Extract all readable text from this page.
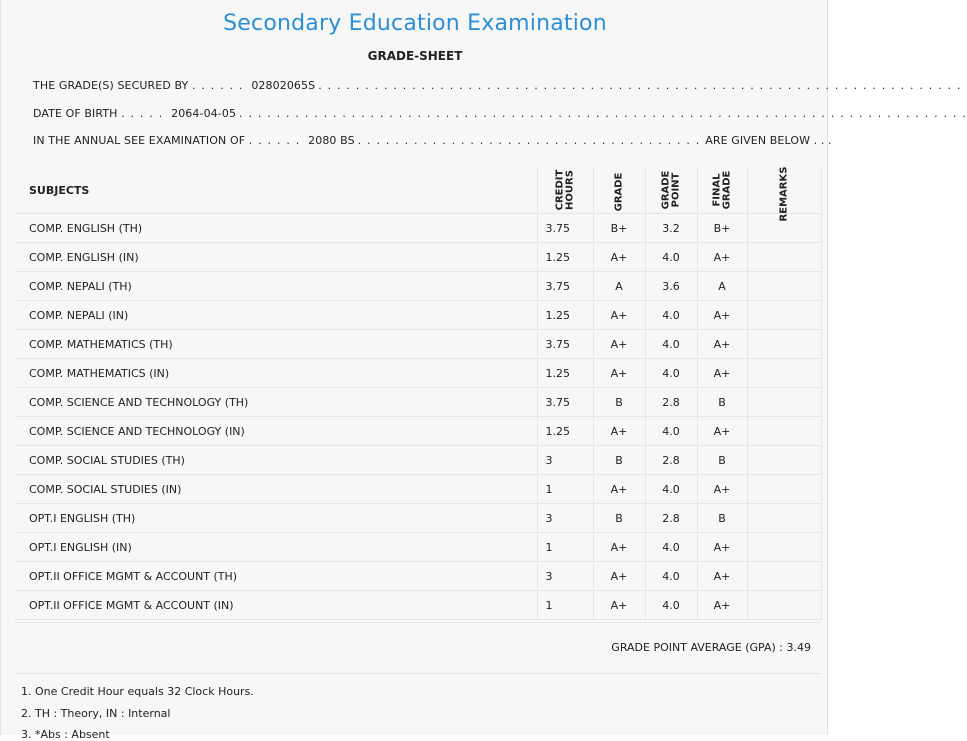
Secondary Education Examination
GRADE-SHEET
THE GRADE(S) SECURED BY . . . . . . 02802065S . . . . . . . . . . . . . . . . . . . . . . . . . . . . . . . . . . . . . . . . . . . . . . . . . . . . . . . . . . . . . . . . . . . . .
DATE OF BIRTH . . . . . 2064-04-05 . . . . . . . . . . . . . . . . . . . . . . . . . . . . . . . . . . . . . . . . . . . . . . . . . . . . . . . . . . . . . . . . . . . . . . . . . . . . . .
IN THE ANNUAL SEE EXAMINATION OF . . . . . . 2080 BS . . . . . . . . . . . . . . . . . . . . . . . . . . . . . . . . . . . . . ARE GIVEN BELOW . . .
SUBJECTS	CREDIT HOURS	GRADE	GRADE POINT	FINAL GRADE	REMARKS

COMP. ENGLISH (TH)	3.75	B+	3.2	B+	
COMP. ENGLISH (IN)	1.25	A+	4.0	A+	
COMP. NEPALI (TH)	3.75	A	3.6	A	
COMP. NEPALI (IN)	1.25	A+	4.0	A+	
COMP. MATHEMATICS (TH)	3.75	A+	4.0	A+	
COMP. MATHEMATICS (IN)	1.25	A+	4.0	A+	
COMP. SCIENCE AND TECHNOLOGY (TH)	3.75	B	2.8	B	
COMP. SCIENCE AND TECHNOLOGY (IN)	1.25	A+	4.0	A+	
COMP. SOCIAL STUDIES (TH)	3	B	2.8	B	
COMP. SOCIAL STUDIES (IN)	1	A+	4.0	A+	
OPT.I ENGLISH (TH)	3	B	2.8	B	
OPT.I ENGLISH (IN)	1	A+	4.0	A+	
OPT.II OFFICE MGMT & ACCOUNT (TH)	3	A+	4.0	A+	
OPT.II OFFICE MGMT & ACCOUNT (IN)	1	A+	4.0	A+	
GRADE POINT AVERAGE (GPA) : 3.49
1. One Credit Hour equals 32 Clock Hours.
2. TH : Theory, IN : Internal
3. *Abs : Absent
